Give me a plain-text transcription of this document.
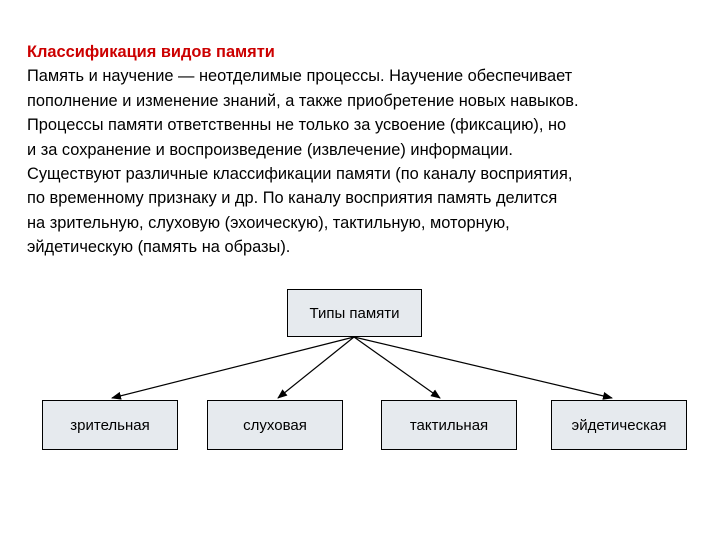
Классификация видов памяти
Память и научение — неотделимые процессы. Научение обеспечивает
пополнение и изменение знаний, а также приобретение новых навыков.
Процессы памяти ответственны не только за усвоение (фиксацию), но
и за сохранение и воспроизведение (извлечение) информации.
Существуют различные классификации памяти (по каналу восприятия,
по временному признаку и др. По каналу восприятия память делится
на зрительную, слуховую (эхоическую), тактильную, моторную,
эйдетическую (память на образы).
Типы памяти
зрительная	слуховая	тактильная	эйдетическая
